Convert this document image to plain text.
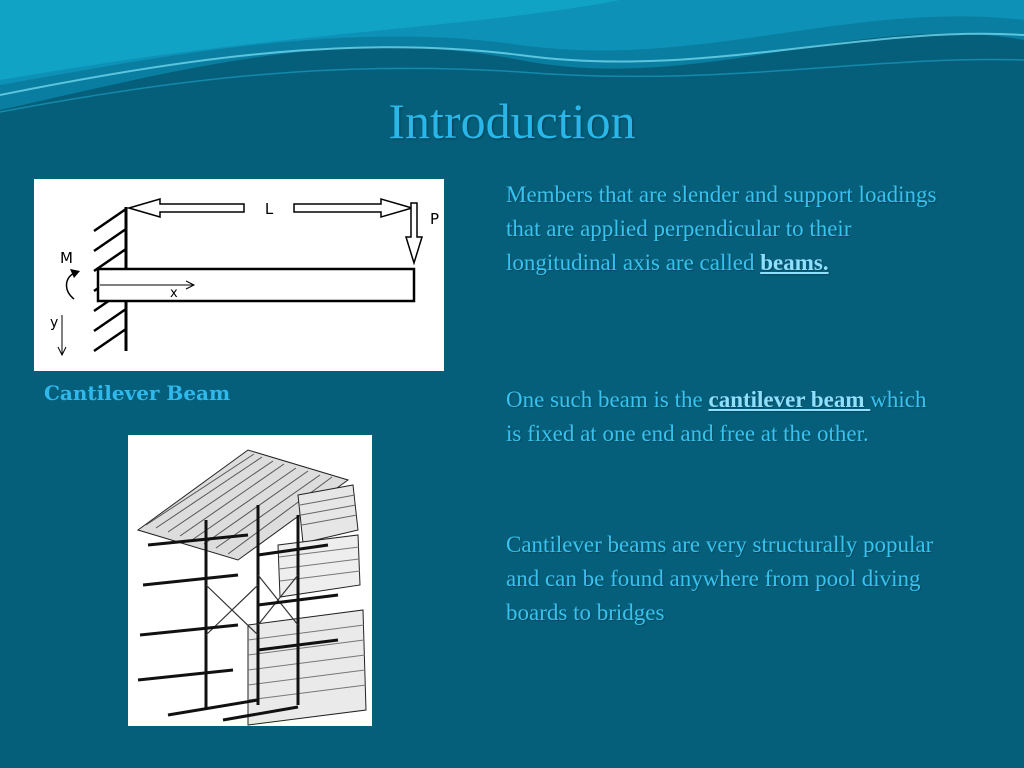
Introduction
L
P
M
x
y
Cantilever Beam

Members that are slender and support loadings that are applied perpendicular to their longitudinal axis are called beams.

One such beam is the cantilever beam which is fixed at one end and free at the other.

Cantilever beams are very structurally popular and can be found anywhere from pool diving boards to bridges
